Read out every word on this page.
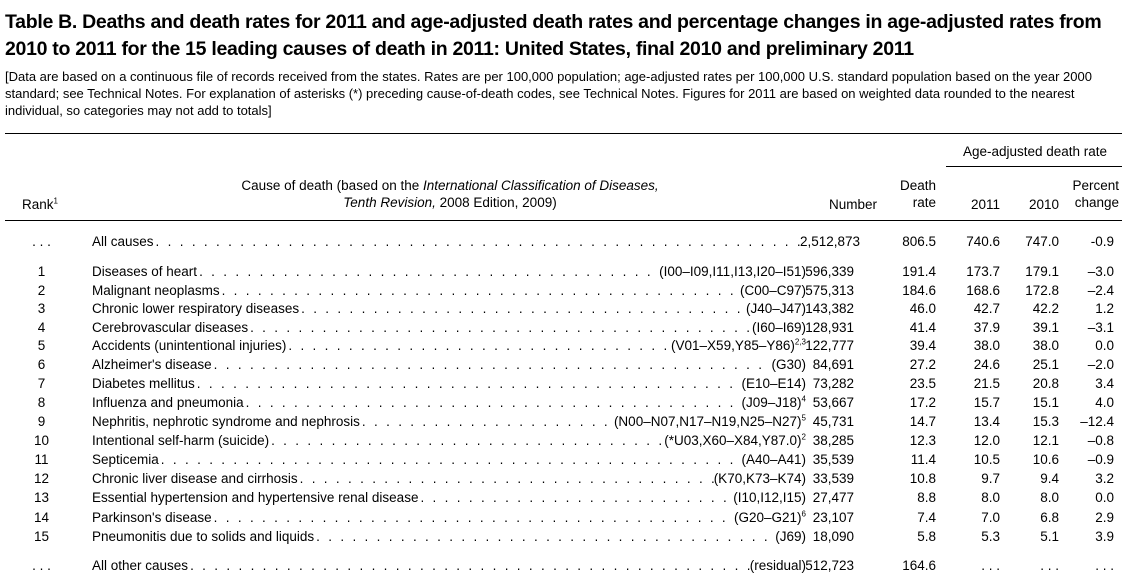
Table B. Deaths and death rates for 2011 and age-adjusted death rates and percentage changes in age-adjusted rates from 2010 to 2011 for the 15 leading causes of death in 2011: United States, final 2010 and preliminary 2011
[Data are based on a continuous file of records received from the states. Rates are per 100,000 population; age-adjusted rates per 100,000 U.S. standard population based on the year 2000 standard; see Technical Notes. For explanation of asterisks (*) preceding cause-of-death codes, see Technical Notes. Figures for 2011 are based on weighted data rounded to the nearest individual, so categories may not add to totals]
Rank$^1$
Cause of death (based on the International Classification of Diseases,
Tenth Revision, 2008 Edition, 2009)	Number
Death
rate
Age-adjusted death rate
2011	2010
Percent
change
. . .	All causes . . .	2,512,873	806.5	740.6	747.0	-0.9
1	Diseases of heart . . .	(I00–I09,I11,I13,I20–I51) 596,339	191.4	173.7	179.1	–3.0
2	Malignant neoplasms . . .	(C00–C97) 575,313	184.6	168.6	172.8	–2.4
3	Chronic lower respiratory diseases . . .	(J40–J47) 143,382	46.0	42.7	42.2	1.2
4	Cerebrovascular diseases . . .	(I60–I69) 128,931	41.4	37.9	39.1	–3.1
5	Accidents (unintentional injuries) . . .	$(V01-X59,Y85-Y86)^{2,3}$ 122,777	39.4	38.0	38.0	0.0
6	Alzheimer's disease . . .	(G30) 84,691	27.2	24.6	25.1	–2.0
7	Diabetes mellitus . . .	(E10–E14) 73,282	23.5	21.5	20.8	3.4
8	Influenza and pneumonia . . .	$(J09-J18)^4$ 53,667	17.2	15.7	15.1	4.0
9	Nephritis, nephrotic syndrome and nephrosis . . .	$(N00-N07,N17-N19,N25-N27)^5$ 45,731	14.7	13.4	15.3	–12.4
10	Intentional self-harm (suicide) . . .	$(*U03,X60-X84,Y87.0)^2$ 38,285	12.3	12.0	12.1	–0.8
11	Septicemia . . .	(A40–A41) 35,539	11.4	10.5	10.6	–0.9
12	Chronic liver disease and cirrhosis . . .	(K70,K73–K74) 33,539	10.8	9.7	9.4	3.2
13	Essential hypertension and hypertensive renal disease . . .	(I10,I12,I15) 27,477	8.8	8.0	8.0	0.0
14	Parkinson's disease . . .	$(G20-G21)^6$ 23,107	7.4	7.0	6.8	2.9
15	Pneumonitis due to solids and liquids . . .	(J69) 18,090	5.8	5.3	5.1	3.9
. . .	All other causes . . .	(residual) 512,723	164.6	. . .	. . .	. . .
